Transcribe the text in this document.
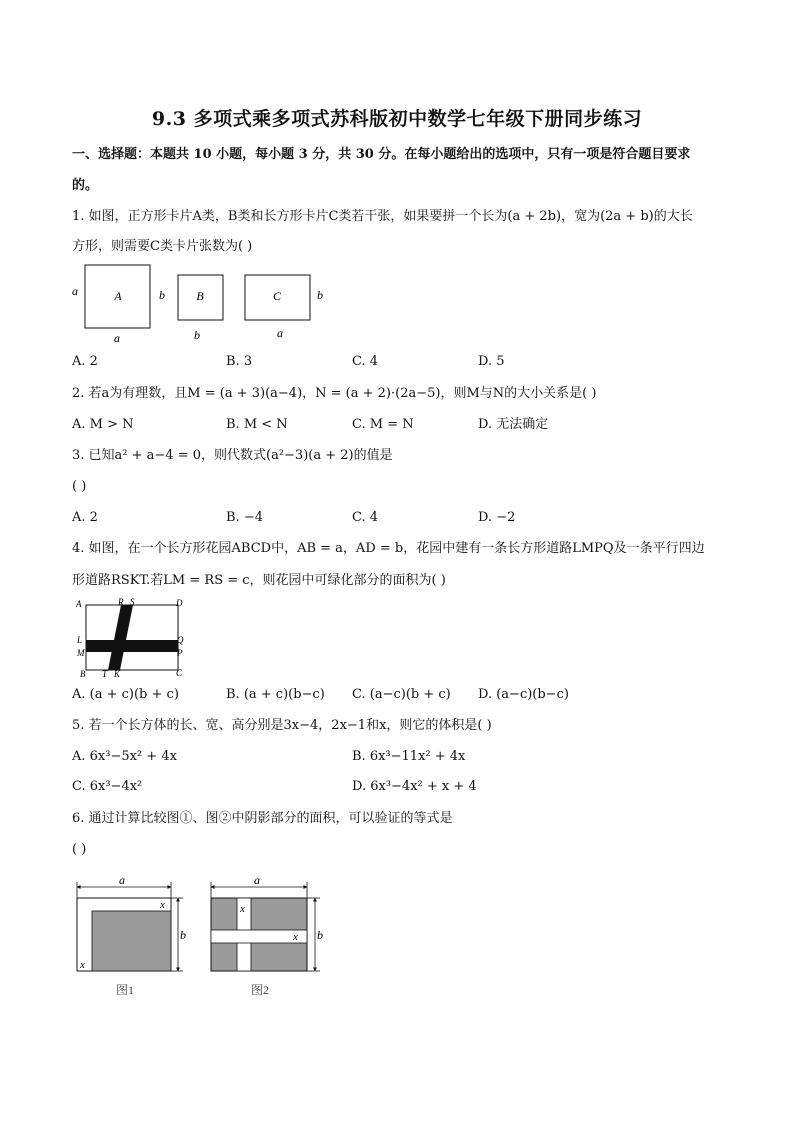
9.3 多项式乘多项式苏科版初中数学七年级下册同步练习
一、选择题：本题共 10 小题，每小题 3 分，共 30 分。在每小题给出的选项中，只有一项是符合题目要求
的。
1. 如图，正方形卡片A类，B类和长方形卡片C类若干张，如果要拼一个长为(a + 2b)，宽为(2a + b)的大长
方形，则需要C类卡片张数为( )
A
a
a
b	B
b
C
a
b
A. 2	B. 3	C. 4	D. 5
2. 若a为有理数，且M = (a + 3)(a−4)，N = (a + 2)·(2a−5)，则M与N的大小关系是( )
A. M > N	B. M < N	C. M = N	D. 无法确定
3. 已知a² + a−4 = 0，则代数式(a²−3)(a + 2)的值是
( )
A. 2	B. −4	C. 4	D. −2
4. 如图，在一个长方形花园ABCD中，AB = a，AD = b，花园中建有一条长方形道路LMPQ及一条平行四边
形道路RSKT.若LM = RS = c，则花园中可绿化部分的面积为( )
A	R S	D
L
M
Q
P
B T K	C
A. (a + c)(b + c)	B. (a + c)(b−c) C. (a−c)(b + c) D. (a−c)(b−c)
5. 若一个长方体的长、宽、高分别是3x−4，2x−1和x，则它的体积是( )
A. 6x³−5x² + 4x	B. 6x³−11x² + 4x
C. 6x³−4x²	D. 6x³−4x² + x + 4
6. 通过计算比较图①、图②中阴影部分的面积，可以验证的等式是
( )
a
x
x
b
图1
a
x
x b
图2
